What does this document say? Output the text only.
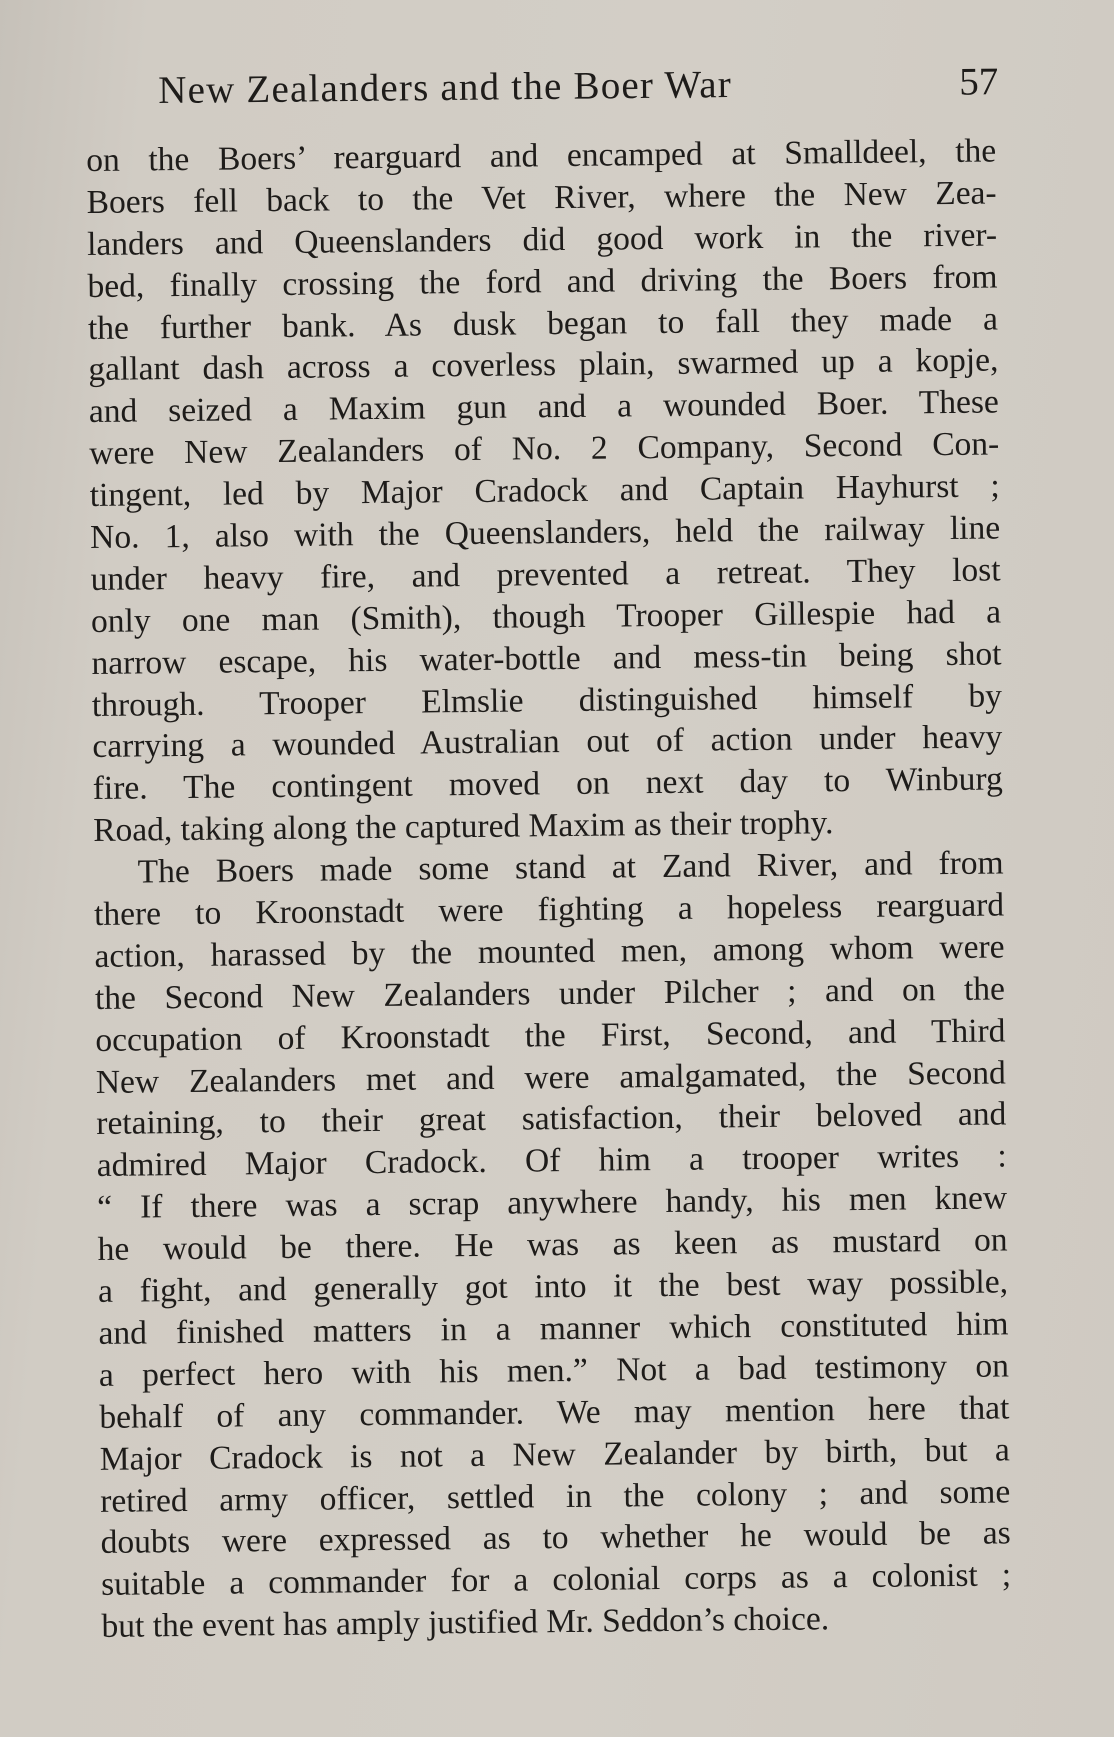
New Zealanders and the Boer War	57
on the Boers’ rearguard and encamped at Smalldeel, the
Boers fell back to the Vet River, where the New Zea-
landers and Queenslanders did good work in the river-
bed, finally crossing the ford and driving the Boers from
the further bank. As dusk began to fall they made a
gallant dash across a coverless plain, swarmed up a kopje,
and seized a Maxim gun and a wounded Boer. These
were New Zealanders of No. 2 Company, Second Con-
tingent, led by Major Cradock and Captain Hayhurst ;
No. 1, also with the Queenslanders, held the railway line
under heavy fire, and prevented a retreat. They lost
only one man (Smith), though Trooper Gillespie had a
narrow escape, his water-bottle and mess-tin being shot
through. Trooper Elmslie distinguished himself by
carrying a wounded Australian out of action under heavy
fire. The contingent moved on next day to Winburg
Road, taking along the captured Maxim as their trophy.
The Boers made some stand at Zand River, and from
there to Kroonstadt were fighting a hopeless rearguard
action, harassed by the mounted men, among whom were
the Second New Zealanders under Pilcher ; and on the
occupation of Kroonstadt the First, Second, and Third
New Zealanders met and were amalgamated, the Second
retaining, to their great satisfaction, their beloved and
admired Major Cradock. Of him a trooper writes :
“ If there was a scrap anywhere handy, his men knew
he would be there. He was as keen as mustard on
a fight, and generally got into it the best way possible,
and finished matters in a manner which constituted him
a perfect hero with his men.” Not a bad testimony on
behalf of any commander. We may mention here that
Major Cradock is not a New Zealander by birth, but a
retired army officer, settled in the colony ; and some
doubts were expressed as to whether he would be as
suitable a commander for a colonial corps as a colonist ;
but the event has amply justified Mr. Seddon’s choice.
